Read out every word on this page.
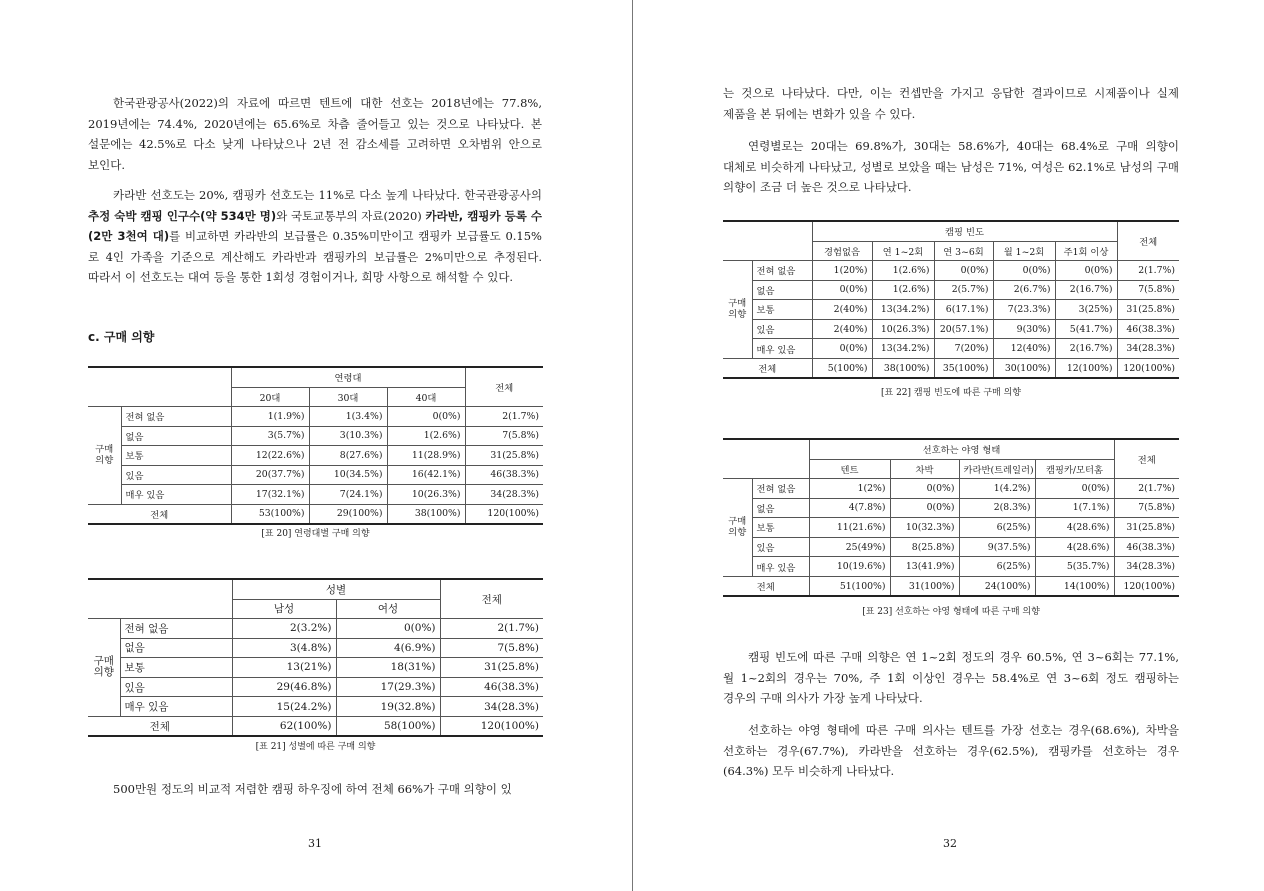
한국관광공사(2022)의 자료에 따르면 텐트에 대한 선호는 2018년에는 77.8%, 2019년에는 74.4%, 2020년에는 65.6%로 차츰 줄어들고 있는 것으로 나타났다. 본 설문에는 42.5%로 다소 낮게 나타났으나 2년 전 감소세를 고려하면 오차범위 안으로 보인다.

카라반 선호도는 20%, 캠핑카 선호도는 11%로 다소 높게 나타났다. 한국관광공사의 추정 숙박 캠핑 인구수(약 534만 명)와 국토교통부의 자료(2020) 카라반, 캠핑카 등록 수(2만 3천여 대)를 비교하면 카라반의 보급률은 0.35%미만이고 캠핑카 보급률도 0.15%로 4인 가족을 기준으로 계산해도 카라반과 캠핑카의 보급률은 2%미만으로 추정된다. 따라서 이 선호도는 대여 등을 통한 1회성 경험이거나, 희망 사항으로 해석할 수 있다.

c. 구매 의향

		연령대			전체
		20대	30대	40대	
구매
의향	전혀 없음	1(1.9%)	1(3.4%)	0(0%)	2(1.7%)
	없음	3(5.7%)	3(10.3%)	1(2.6%)	7(5.8%)
	보통	12(22.6%)	8(27.6%)	11(28.9%)	31(25.8%)
	있음	20(37.7%)	10(34.5%)	16(42.1%)	46(38.3%)
	매우 있음	17(32.1%)	7(24.1%)	10(26.3%)	34(28.3%)
전체		53(100%)	29(100%)	38(100%)	120(100%)
[표 20] 연령대별 구매 의향
		성별		전체
		남성	여성	
구매
의향	전혀 없음	2(3.2%)	0(0%)	2(1.7%)
	없음	3(4.8%)	4(6.9%)	7(5.8%)
	보통	13(21%)	18(31%)	31(25.8%)
	있음	29(46.8%)	17(29.3%)	46(38.3%)
	매우 있음	15(24.2%)	19(32.8%)	34(28.3%)
전체		62(100%)	58(100%)	120(100%)
[표 21] 성별에 따른 구매 의향

500만원 정도의 비교적 저렴한 캠핑 하우징에 하여 전체 66%가 구매 의향이 있

31

는 것으로 나타났다. 다만, 이는 컨셉만을 가지고 응답한 결과이므로 시제품이나 실제 제품을 본 뒤에는 변화가 있을 수 있다.

연령별로는 20대는 69.8%가, 30대는 58.6%가, 40대는 68.4%로 구매 의향이 대체로 비슷하게 나타났고, 성별로 보았을 때는 남성은 71%, 여성은 62.1%로 남성의 구매 의향이 조금 더 높은 것으로 나타났다.

		캠핑 빈도					전체
		경험없음	연 1~2회	연 3~6회	월 1~2회	주1회 이상	
구매
의향	전혀 없음	1(20%)	1(2.6%)	0(0%)	0(0%)	0(0%)	2(1.7%)
	없음	0(0%)	1(2.6%)	2(5.7%)	2(6.7%)	2(16.7%)	7(5.8%)
	보통	2(40%)	13(34.2%)	6(17.1%)	7(23.3%)	3(25%)	31(25.8%)
	있음	2(40%)	10(26.3%)	20(57.1%)	9(30%)	5(41.7%)	46(38.3%)
	매우 있음	0(0%)	13(34.2%)	7(20%)	12(40%)	2(16.7%)	34(28.3%)
전체		5(100%)	38(100%)	35(100%)	30(100%)	12(100%)	120(100%)
[표 22] 캠핑 빈도에 따른 구매 의향
		선호하는 야영 형태				전체
		텐트	차박	카라반(트레일러)	캠핑카/모터홈	
구매
의향	전혀 없음	1(2%)	0(0%)	1(4.2%)	0(0%)	2(1.7%)
	없음	4(7.8%)	0(0%)	2(8.3%)	1(7.1%)	7(5.8%)
	보통	11(21.6%)	10(32.3%)	6(25%)	4(28.6%)	31(25.8%)
	있음	25(49%)	8(25.8%)	9(37.5%)	4(28.6%)	46(38.3%)
	매우 있음	10(19.6%)	13(41.9%)	6(25%)	5(35.7%)	34(28.3%)
전체		51(100%)	31(100%)	24(100%)	14(100%)	120(100%)
[표 23] 선호하는 야영 형태에 따른 구매 의향

캠핑 빈도에 따른 구매 의향은 연 1~2회 정도의 경우 60.5%, 연 3~6회는 77.1%, 월 1~2회의 경우는 70%, 주 1회 이상인 경우는 58.4%로 연 3~6회 정도 캠핑하는 경우의 구매 의사가 가장 높게 나타났다.

선호하는 야영 형태에 따른 구매 의사는 텐트를 가장 선호는 경우(68.6%), 차박을 선호하는 경우(67.7%), 카라반을 선호하는 경우(62.5%), 캠핑카를 선호하는 경우(64.3%) 모두 비슷하게 나타났다.

32
